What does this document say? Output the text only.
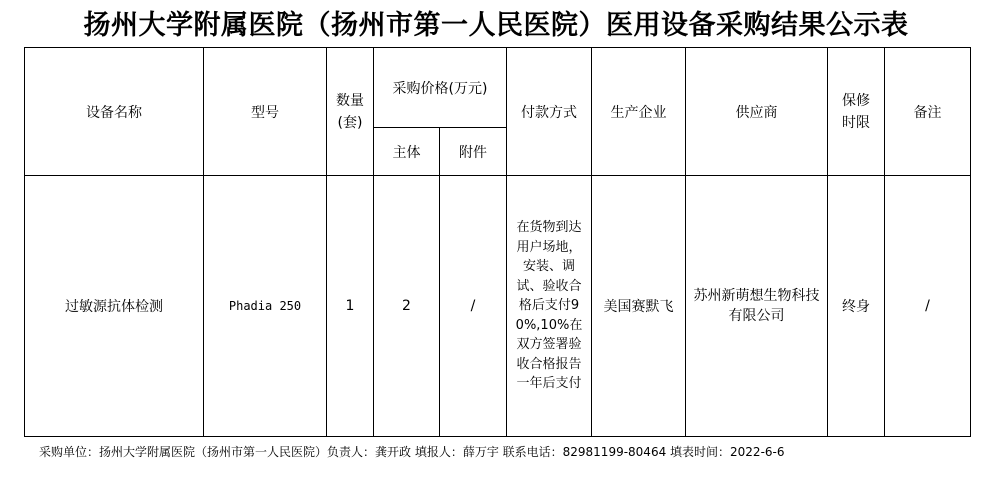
扬州大学附属医院（扬州市第一人民医院）医用设备采购结果公示表
设备名称	型号	数量(套)	采购价格(万元)		付款方式	生产企业	供应商	保修时限	备注
			主体	附件					
过敏源抗体检测	Phadia 250	1	2	/	在货物到达用户场地，安装、调试、验收合格后支付90%,10%在双方签署验收合格报告一年后支付	美国赛默飞	苏州新萌想生物科技有限公司	终身	/
采购单位：扬州大学附属医院（扬州市第一人民医院）负责人：龚开政 填报人：薛万宇 联系电话：82981199-80464 填表时间：2022-6-6
